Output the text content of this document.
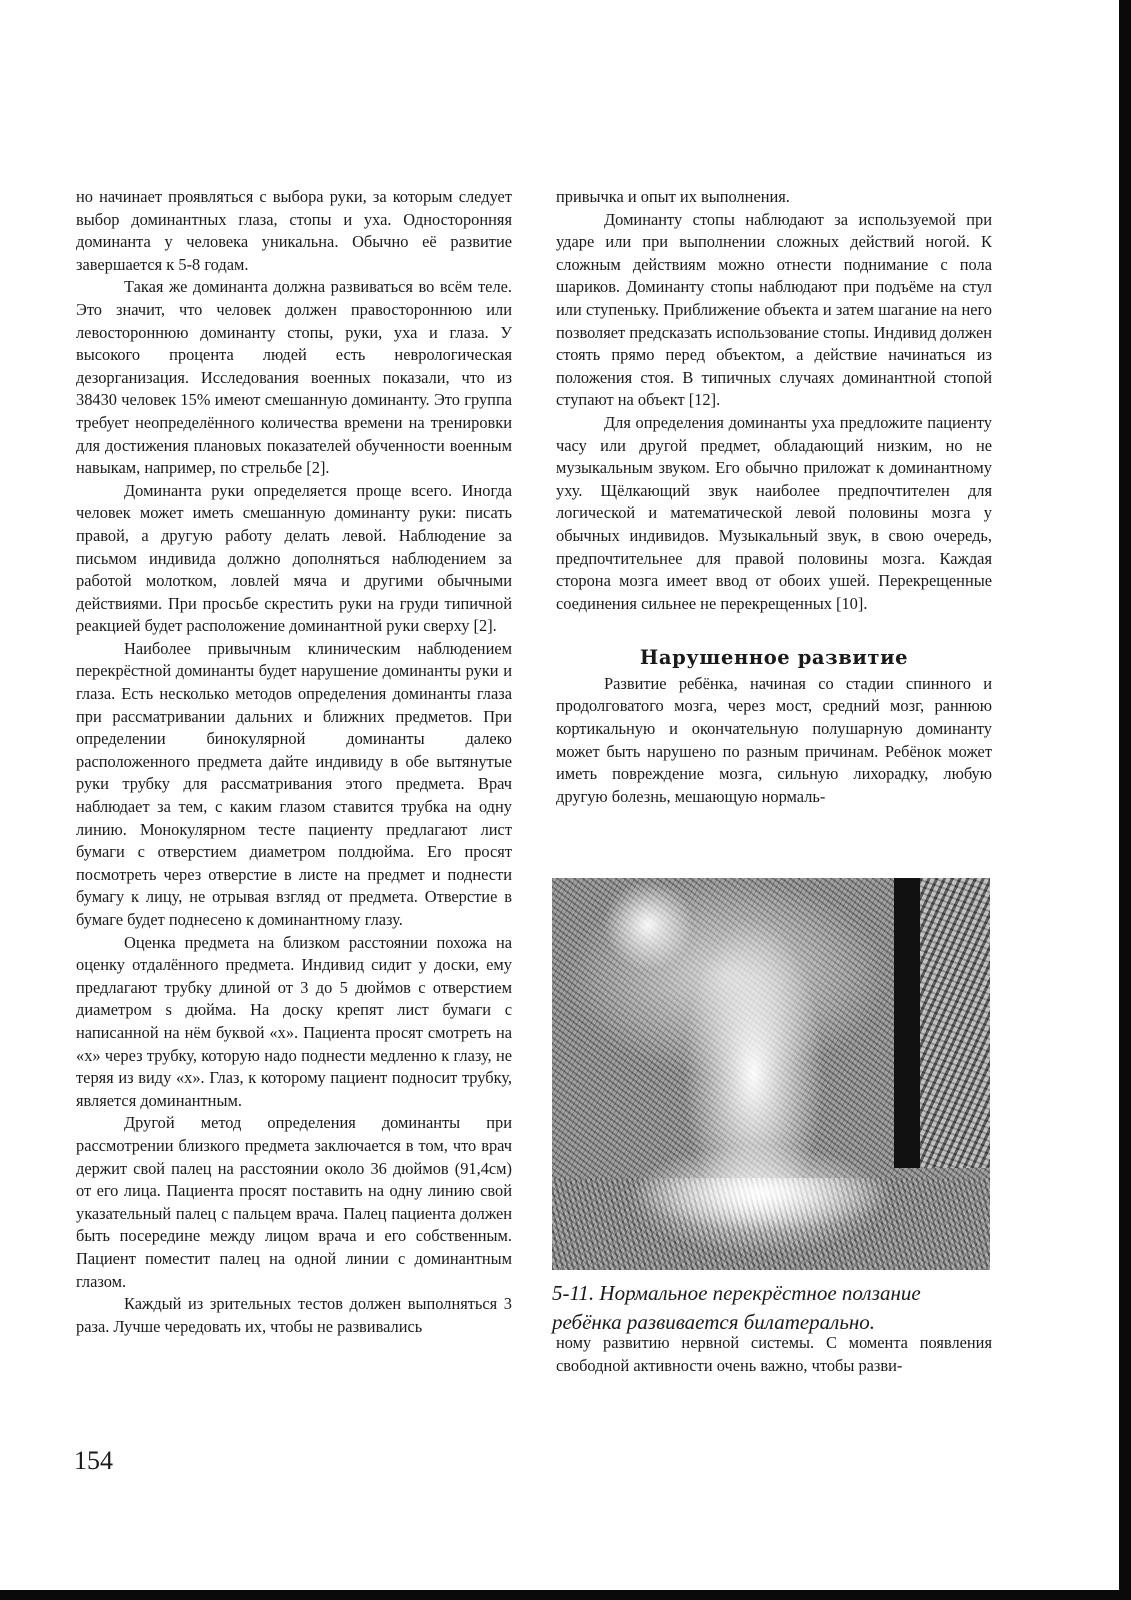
но начинает проявляться с выбора руки, за которым следует выбор доминантных глаза, стопы и уха. Односторонняя доминанта у человека уникальна. Обычно её развитие завершается к 5-8 годам.

Такая же доминанта должна развиваться во всём теле. Это значит, что человек должен правостороннюю или левостороннюю доминанту стопы, руки, уха и глаза. У высокого процента людей есть неврологическая дезорганизация. Исследования военных показали, что из 38430 человек 15% имеют смешанную доминанту. Это группа требует неопределённого количества времени на тренировки для достижения плановых показателей обученности военным навыкам, например, по стрельбе [2].

Доминанта руки определяется проще всего. Иногда человек может иметь смешанную доминанту руки: писать правой, а другую работу делать левой. Наблюдение за письмом индивида должно дополняться наблюдением за работой молотком, ловлей мяча и другими обычными действиями. При просьбе скрестить руки на груди типичной реакцией будет расположение доминантной руки сверху [2].

Наиболее привычным клиническим наблюдением перекрёстной доминанты будет нарушение доминанты руки и глаза. Есть несколько методов определения доминанты глаза при рассматривании дальних и ближних предметов. При определении бинокулярной доминанты далеко расположенного предмета дайте индивиду в обе вытянутые руки трубку для рассматривания этого предмета. Врач наблюдает за тем, с каким глазом ставится трубка на одну линию. Монокулярном тесте пациенту предлагают лист бумаги с отверстием диаметром полдюйма. Его просят посмотреть через отверстие в листе на предмет и поднести бумагу к лицу, не отрывая взгляд от предмета. Отверстие в бумаге будет поднесено к доминантному глазу.

Оценка предмета на близком расстоянии похожа на оценку отдалённого предмета. Индивид сидит у доски, ему предлагают трубку длиной от 3 до 5 дюймов с отверстием диаметром s дюйма. На доску крепят лист бумаги с написанной на нём буквой «x». Пациента просят смотреть на «x» через трубку, которую надо поднести медленно к глазу, не теряя из виду «x». Глаз, к которому пациент подносит трубку, является доминантным.

Другой метод определения доминанты при рассмотрении близкого предмета заключается в том, что врач держит свой палец на расстоянии около 36 дюймов (91,4см) от его лица. Пациента просят поставить на одну линию свой указательный палец с пальцем врача. Палец пациента должен быть посередине между лицом врача и его собственным. Пациент поместит палец на одной линии с доминантным глазом.

Каждый из зрительных тестов должен выполняться 3 раза. Лучше чередовать их, чтобы не развивались

привычка и опыт их выполнения.

Доминанту стопы наблюдают за используемой при ударе или при выполнении сложных действий ногой. К сложным действиям можно отнести поднимание с пола шариков. Доминанту стопы наблюдают при подъёме на стул или ступеньку. Приближение объекта и затем шагание на него позволяет предсказать использование стопы. Индивид должен стоять прямо перед объектом, а действие начинаться из положения стоя. В типичных случаях доминантной стопой ступают на объект [12].

Для определения доминанты уха предложите пациенту часу или другой предмет, обладающий низким, но не музыкальным звуком. Его обычно приложат к доминантному уху. Щёлкающий звук наиболее предпочтителен для логической и математической левой половины мозга у обычных индивидов. Музыкальный звук, в свою очередь, предпочтительнее для правой половины мозга. Каждая сторона мозга имеет ввод от обоих ушей. Перекрещенные соединения сильнее не перекрещенных [10].

Нарушенное развитие

Развитие ребёнка, начиная со стадии спинного и продолговатого мозга, через мост, средний мозг, раннюю кортикальную и окончательную полушарную доминанту может быть нарушено по разным причинам. Ребёнок может иметь повреждение мозга, сильную лихорадку, любую другую болезнь, мешающую нормаль-

5-11. Нормальное перекрёстное ползание ребёнка развивается билатерально.

ному развитию нервной системы. С момента появления свободной активности очень важно, чтобы разви-

154
